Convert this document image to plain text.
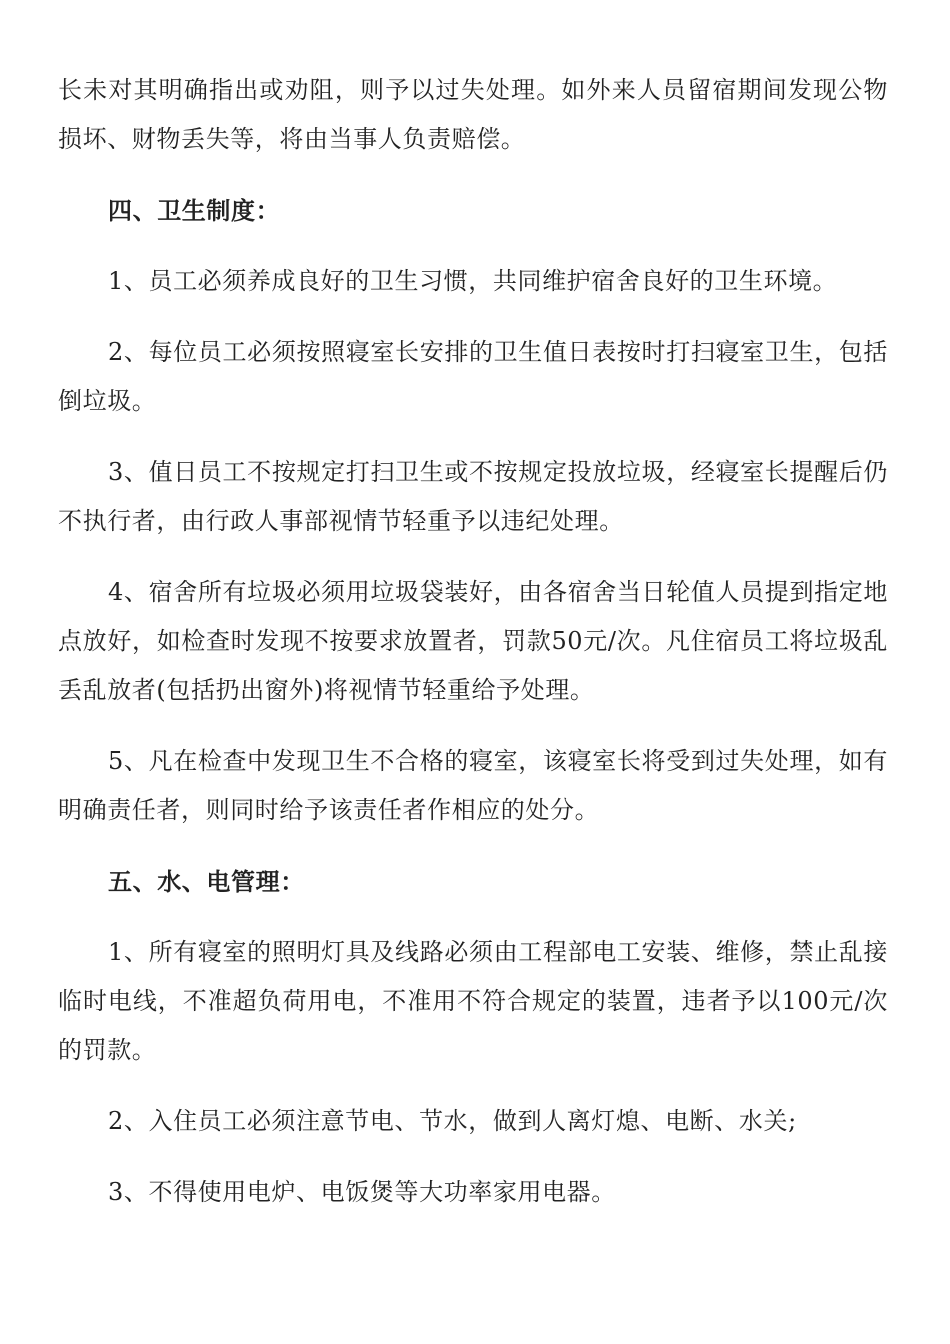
长未对其明确指出或劝阻，则予以过失处理。如外来人员留宿期间发现公物损坏、财物丢失等，将由当事人负责赔偿。

四、卫生制度：

1、员工必须养成良好的卫生习惯，共同维护宿舍良好的卫生环境。

2、每位员工必须按照寝室长安排的卫生值日表按时打扫寝室卫生，包括倒垃圾。

3、值日员工不按规定打扫卫生或不按规定投放垃圾，经寝室长提醒后仍不执行者，由行政人事部视情节轻重予以违纪处理。

4、宿舍所有垃圾必须用垃圾袋装好，由各宿舍当日轮值人员提到指定地点放好，如检查时发现不按要求放置者，罚款50元/次。凡住宿员工将垃圾乱丢乱放者(包括扔出窗外)将视情节轻重给予处理。

5、凡在检查中发现卫生不合格的寝室，该寝室长将受到过失处理，如有明确责任者，则同时给予该责任者作相应的处分。

五、水、电管理：

1、所有寝室的照明灯具及线路必须由工程部电工安装、维修，禁止乱接临时电线，不准超负荷用电，不准用不符合规定的装置，违者予以100元/次的罚款。

2、入住员工必须注意节电、节水，做到人离灯熄、电断、水关;

3、不得使用电炉、电饭煲等大功率家用电器。
